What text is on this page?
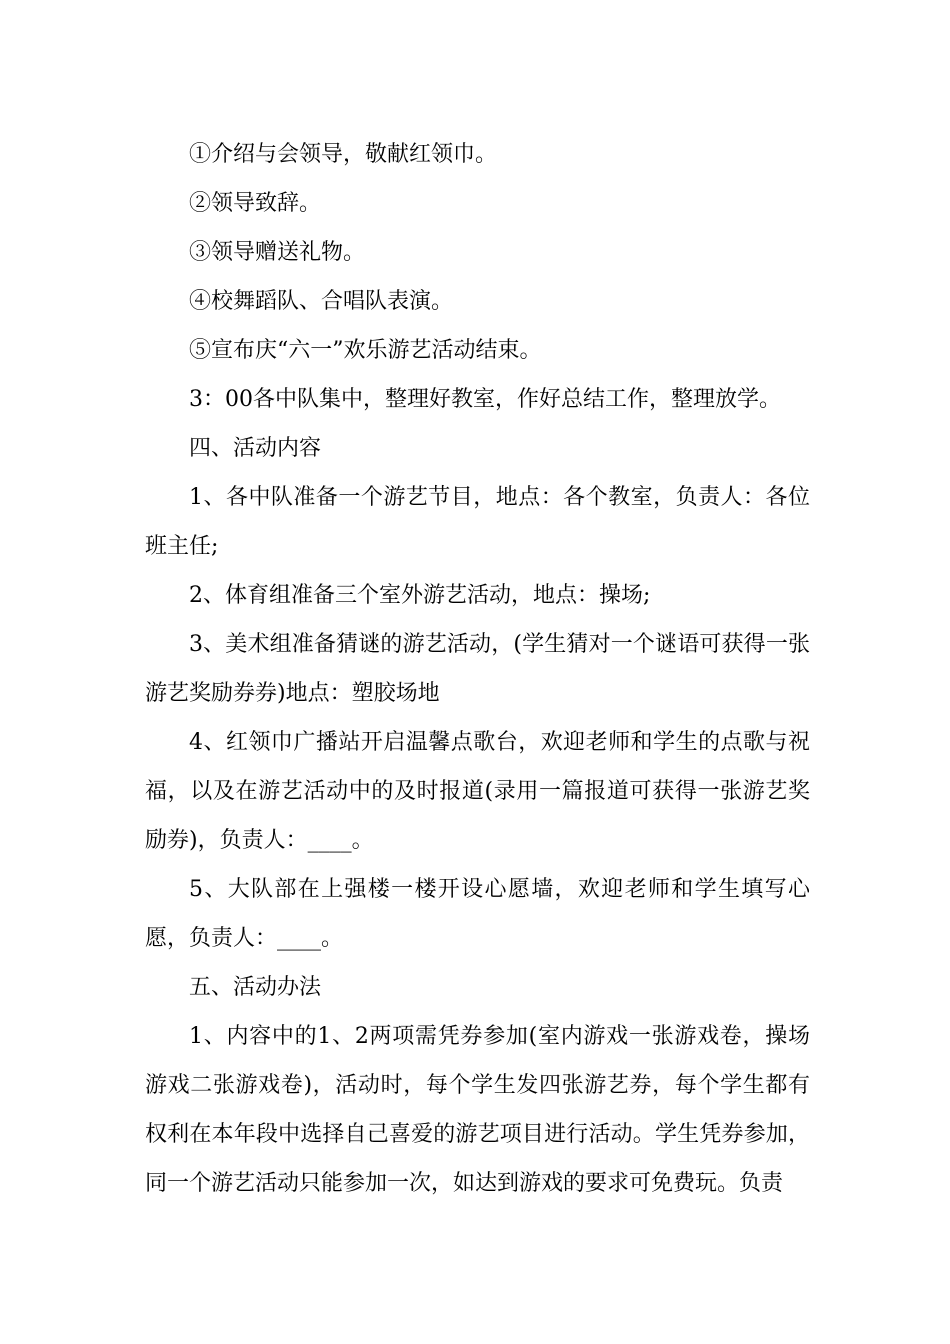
①介绍与会领导，敬献红领巾。

②领导致辞。

③领导赠送礼物。

④校舞蹈队、合唱队表演。

⑤宣布庆“六一”欢乐游艺活动结束。

3：00各中队集中，整理好教室，作好总结工作，整理放学。

四、活动内容

1、各中队准备一个游艺节目，地点：各个教室，负责人：各位班主任;

2、体育组准备三个室外游艺活动，地点：操场;

3、美术组准备猜谜的游艺活动，(学生猜对一个谜语可获得一张游艺奖励券券)地点：塑胶场地

4、红领巾广播站开启温馨点歌台，欢迎老师和学生的点歌与祝福，以及在游艺活动中的及时报道(录用一篇报道可获得一张游艺奖励券)，负责人：____。

5、大队部在上强楼一楼开设心愿墙，欢迎老师和学生填写心愿，负责人：____。

五、活动办法

1、内容中的1、2两项需凭券参加(室内游戏一张游戏卷，操场游戏二张游戏卷)，活动时，每个学生发四张游艺券，每个学生都有权利在本年段中选择自己喜爱的游艺项目进行活动。学生凭券参加，同一个游艺活动只能参加一次，如达到游戏的要求可免费玩。负责
